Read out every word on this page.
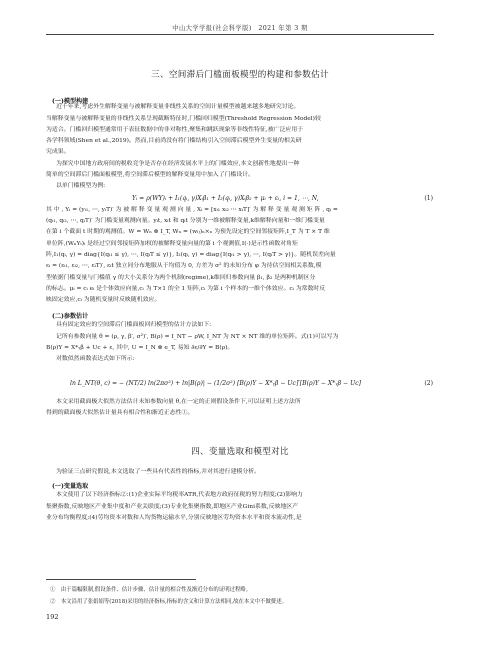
中山大学学报(社会科学版)　2021 年第 3 期
三、空间滞后门槛面板模型的构建和参数估计
(一)模型构建
近十年来,考虑外生解释变量与被解释变量非线性关系的空间计量模型被越来越多地研究讨论。
当解释变量与被解释变量的非线性关系呈现截断特征时,门槛回归模型(Threshold Regression Model)较
为适合。门槛回归模型通常用于表征数据中的非对称性,聚集和跳跃现象等非线性特征,被广泛应用于
各学科领域(Shen et al.,2019)。然而,目前尚没有将门槛结构引入空间滞后模型外生变量的相关研
究成果。
为探究中国地方政府间的税收竞争是否存在经济发展水平上的门槛效应,本文创新性地提出一种
简单的空间滞后门槛面板模型,将空间滞后模型的解释变量用中加入了门槛设计。
以单门槛模型为例:
Yᵢ = ρ(WY)ᵢ + I₁(qᵢ, γ)Xᵢβ₁ + I₂(qᵢ, γ)Xᵢβ₂ + μᵢ + εᵢ, i = 1, ⋯, N,	(1)
其 中 , Yᵢ = (yᵢ₁, ⋯, yᵢT)′ 为 被 解 释 变 量 观 测 向 量 , Xᵢ = [xᵢ₁ xᵢ₂ ⋯ xᵢT]′ 为 解 释 变 量 观 测 矩 阵 , qᵢ =
(qᵢ₁, qᵢ₂, ⋯, qᵢT)′ 为门槛变量观测向量。yᵢt, xᵢt 和 qᵢt 分别为一维被解释变量,k维解释向量和一维门槛变量
在第 i 个截面 t 时期的观测值。W = Wₙ ⊗ I_T, Wₙ = (wᵢⱼ)ₙ×ₙ 为预先设定的空间邻接矩阵,I_T 为 T × T 维
单位阵,(WₙYₜ)ᵢ 是经过空间邻接矩阵加权的被解释变量向量的第 i 个观测值,I(·)是示性函数对角矩
阵,I₁(qᵢ, γ) = diag{I(qᵢ₁ ≤ γ), ⋯, I(qᵢT ≤ γ)}, I₂(qᵢ, γ) = diag{I(qᵢ₁ > γ), ⋯, I(qᵢT > γ)}。随机误差向量
εᵢ = (εᵢ₁, εᵢ₂, ⋯, εᵢT)′, εᵢt 独立同分布地服从于均值为 0, 方差为 σ² 的未知分布 φ 为待估空间相关系数,模
型依据门槛变量与门槛值 γ 的大小关系分为两个机制(regime),k维回归参数向量 β₁, β₂ 是两种机制区分
的标志。μᵢ = cᵢ eᵢ 是个体效应向量,cᵢ 为 T×1 的全 1 矩阵,cᵢ 为第 i 个样本的一维个体效应。cᵢ 为常数时反
映固定效应,cᵢ 为随机变量时反映随机效应。
(二)参数估计
具有固定效应的空间滞后门槛面板回归模型的估计方法如下:
记所有参数向量 θ = (ρ, γ, β′, σ²)′, B(ρ) = I_NT − ρW, I_NT 为 NT × NT 维的单位矩阵。式(1)可以写为
B(ρ)Y = X*ᵧβ + Uc + ε, 其中, U = I_N ⊗ e_T, 易知 ∂ε/∂Y = B(ρ)。
对数似然函数表达式如下所示:
ln L_NT(θ, c) = − (NT/2) ln(2πσ²) + ln|B(ρ)| − (1/2σ²) [B(ρ)Y − X*ᵧβ − Uc]′[B(ρ)Y − X*ᵧβ − Uc]	(2)
本文采用截面极大似然方法估计未知参数向量 θ,在一定的正则假设条件下,可以证明上述方法所
得到的截面极大似然估计量具有相合性和渐近正态性①。
四、变量选取和模型对比
为验证三点研究假说,本文选取了一些具有代表性的指标,并对其进行建模分析。
(一)变量选取
本文使用了以下经济指标②:(1)企业实际平均税率ATR,代表地方政府征税的努力程度;(2)影响力
集聚指数,反映地区产业集中度和产业关联度;(3)专业化集聚指数,即地区产业Gini系数,反映地区产
业分布均衡程度;(4)劳均资本对数和人均货物运输水平,分别反映地区劳均资本水平和资本流动性,是
①　由于篇幅限制,假设条件、估计步骤、估计量的相合性及渐近分布的证明过程略。
②　本文沿用了张娟娟等(2018)采用的经济指标,指标的含义和计算方法相同,故在本文中不做赘述。
192
